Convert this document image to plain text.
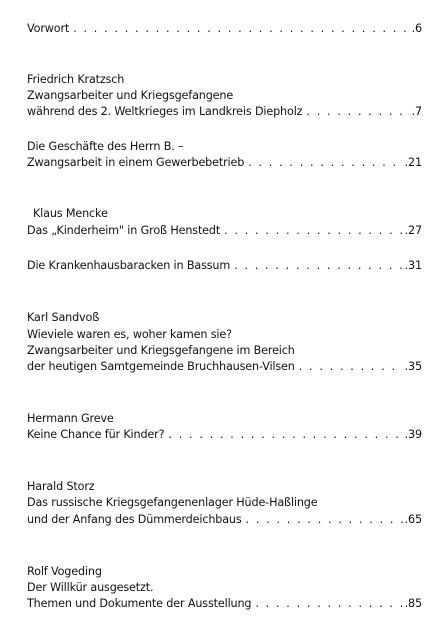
Vorwort . . .	.6
Friedrich Kratzsch
Zwangsarbeiter und Kriegsgefangene
während des 2. Weltkrieges im Landkreis Diepholz . . .	.7
Die Geschäfte des Herrn B. –
Zwangsarbeit in einem Gewerbebetrieb . . .	.21
Klaus Mencke
Das „Kinderheim" in Groß Henstedt . . .	.27
Die Krankenhausbaracken in Bassum . . .	.31
Karl Sandvoß
Wieviele waren es, woher kamen sie?
Zwangsarbeiter und Kriegsgefangene im Bereich
der heutigen Samtgemeinde Bruchhausen-Vilsen . . .	.35
Hermann Greve
Keine Chance für Kinder? . . .	.39
Harald Storz
Das russische Kriegsgefangenenlager Hüde-Haßlinge
und der Anfang des Dümmerdeichbaus . . .	.65
Rolf Vogeding
Der Willkür ausgesetzt.
Themen und Dokumente der Ausstellung . . .	.85
